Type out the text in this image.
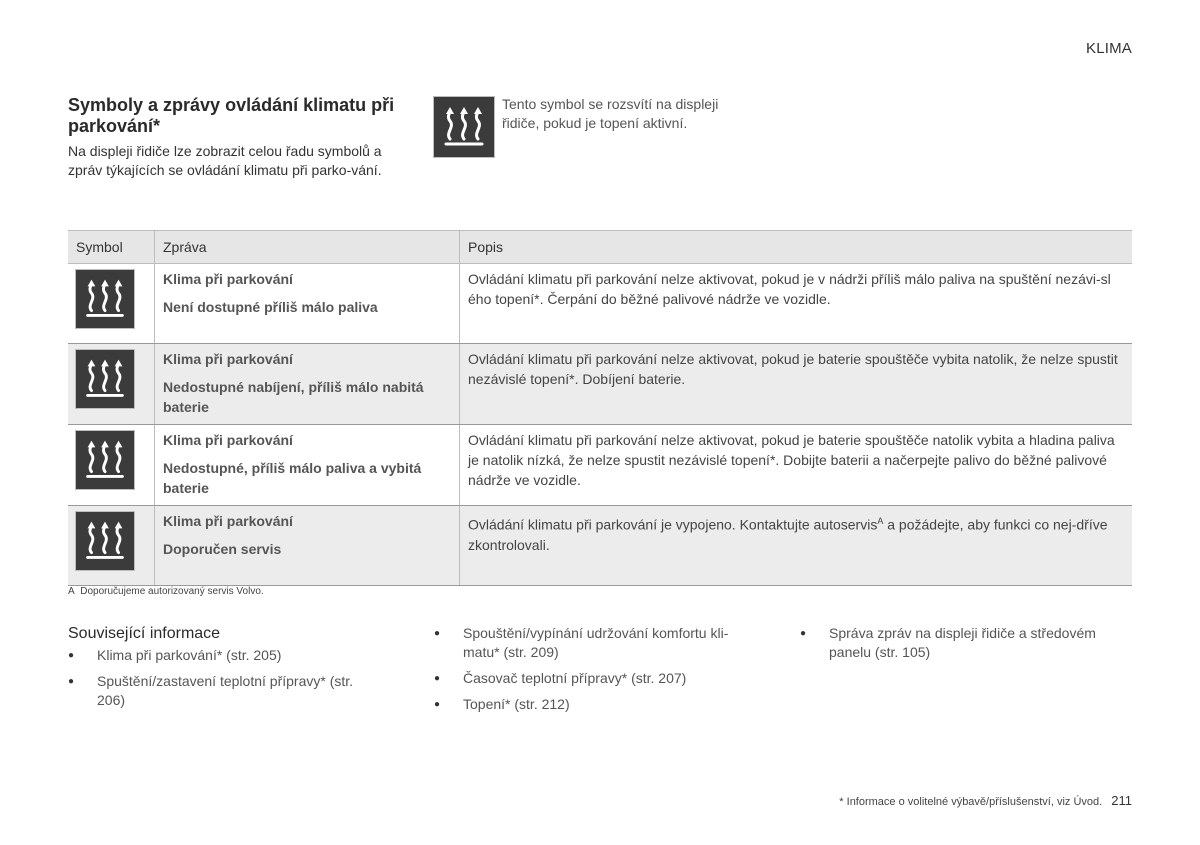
KLIMA
Symboly a zprávy ovládání klimatu při parkování*
Na displeji řidiče lze zobrazit celou řadu symbolů a zpráv týkajících se ovládání klimatu při parko-vání.
Tento symbol se rozsvítí na displeji řidiče, pokud je topení aktivní.
Symbol	Zpráva	Popis

Klima při parkování
Není dostupné příliš málo paliva	Ovládání klimatu při parkování nelze aktivovat, pokud je v nádrži příliš málo paliva na spuštění nezávi-sl​ého topení*. Čerpání do běžné palivové nádrže ve vozidle.

Klima při parkování
Nedostupné nabíjení, příliš málo nabitá baterie	Ovládání klimatu při parkování nelze aktivovat, pokud je baterie spouštěče vybita natolik, že nelze spustit nezávislé topení*. Dobíjení baterie.

Klima při parkování
Nedostupné, příliš málo paliva a vybitá baterie	Ovládání klimatu při parkování nelze aktivovat, pokud je baterie spouštěče natolik vybita a hladina paliva je natolik nízká, že nelze spustit nezávislé topení*. Dobijte baterii a načerpejte palivo do běžné palivové nádrže ve vozidle.

Klima při parkování
Doporučen servis	Ovládání klimatu při parkování je vypojeno. Kontaktujte autoservis$^A$ a požádejte, aby funkci co nej-dříve zkontrolovali.
A Doporučujeme autorizovaný servis Volvo.
Související informace
● Klima při parkování* (str. 205)
● Spuštění/zastavení teplotní přípravy* (str. 206)
● Spouštění/vypínání udržování komfortu kli-matu* (str. 209)
● Časovač teplotní přípravy* (str. 207)
● Topení* (str. 212)
● Správa zpráv na displeji řidiče a středovém panelu (str. 105)
* Informace o volitelné výbavě/příslušenství, viz Úvod. 211
